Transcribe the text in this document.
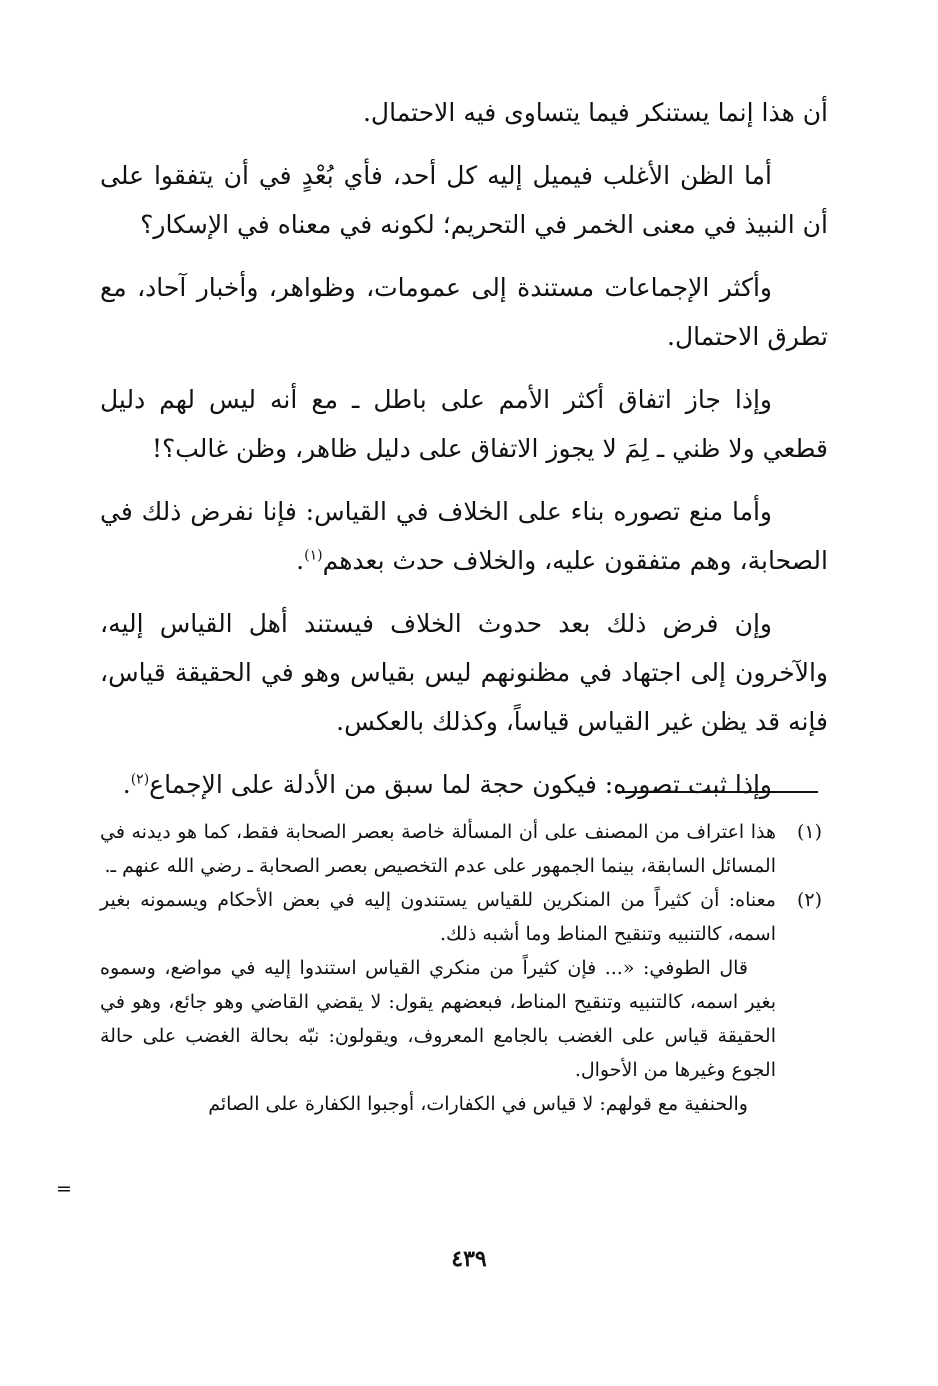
أن هذا إنما يستنكر فيما يتساوى فيه الاحتمال.

أما الظن الأغلب فيميل إليه كل أحد، فأي بُعْدٍ في أن يتفقوا على أن النبيذ في معنى الخمر في التحريم؛ لكونه في معناه في الإسكار؟

وأكثر الإجماعات مستندة إلى عمومات، وظواهر، وأخبار آحاد، مع تطرق الاحتمال.

وإذا جاز اتفاق أكثر الأمم على باطل ـ مع أنه ليس لهم دليل قطعي ولا ظني ـ لِمَ لا يجوز الاتفاق على دليل ظاهر، وظن غالب؟!

وأما منع تصوره بناء على الخلاف في القياس: فإنا نفرض ذلك في الصحابة، وهم متفقون عليه، والخلاف حدث بعدهم$^{(١)}$.

وإن فرض ذلك بعد حدوث الخلاف فيستند أهل القياس إليه، والآخرون إلى اجتهاد في مظنونهم ليس بقياس وهو في الحقيقة قياس، فإنه قد يظن غير القياس قياساً، وكذلك بالعكس.

وإذا ثبت تصوره: فيكون حجة لما سبق من الأدلة على الإجماع$^{(٢)}$.

(١)

هذا اعتراف من المصنف على أن المسألة خاصة بعصر الصحابة فقط، كما هو ديدنه في المسائل السابقة، بينما الجمهور على عدم التخصيص بعصر الصحابة ـ رضي الله عنهم ـ.

(٢)

معناه: أن كثيراً من المنكرين للقياس يستندون إليه في بعض الأحكام ويسمونه بغير اسمه، كالتنبيه وتنقيح المناط وما أشبه ذلك.

قال الطوفي: «... فإن كثيراً من منكري القياس استندوا إليه في مواضع، وسموه بغير اسمه، كالتنبيه وتنقيح المناط، فبعضهم يقول: لا يقضي القاضي وهو جائع، وهو في الحقيقة قياس على الغضب بالجامع المعروف، ويقولون: نبّه بحالة الغضب على حالة الجوع وغيرها من الأحوال.

والحنفية مع قولهم: لا قياس في الكفارات، أوجبوا الكفارة على الصائم

=
٤٣٩
